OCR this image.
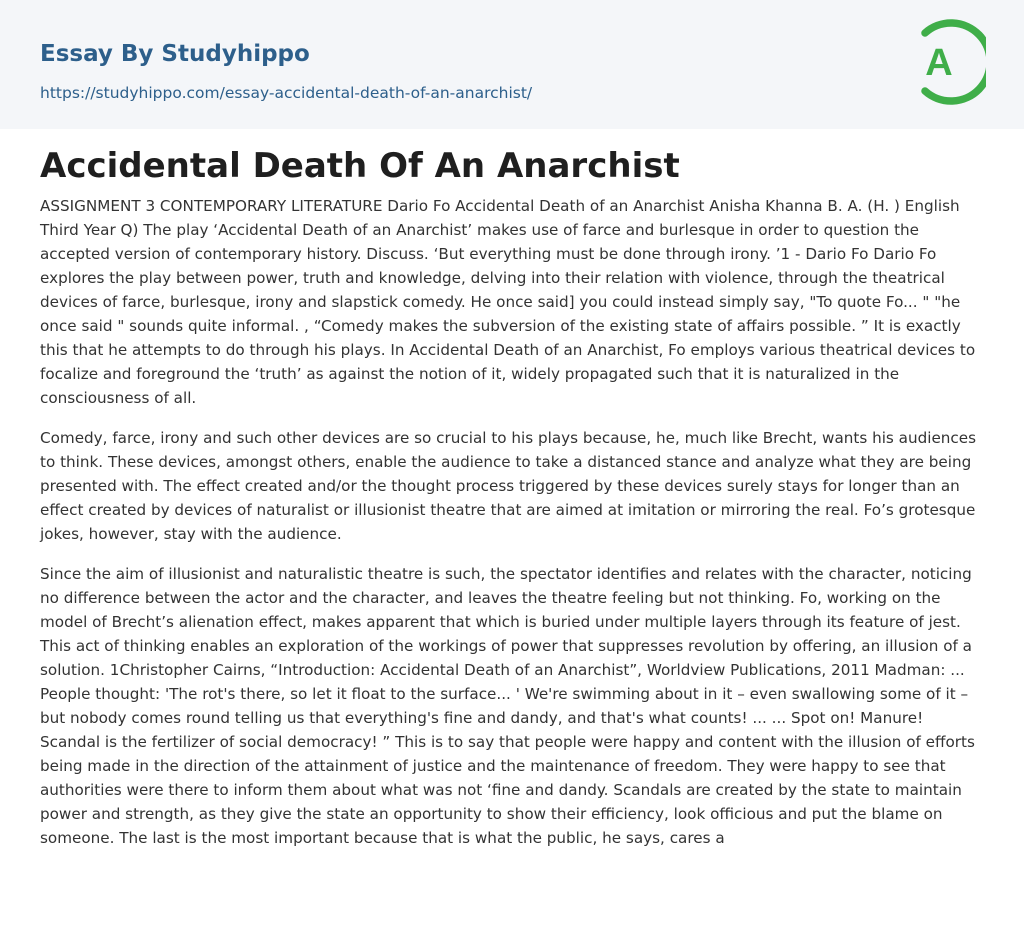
Essay By Studyhippo
https://studyhippo.com/essay-accidental-death-of-an-anarchist/
A
Accidental Death Of An Anarchist

ASSIGNMENT 3 CONTEMPORARY LITERATURE Dario Fo Accidental Death of an Anarchist Anisha Khanna B. A. (H. ) English Third Year Q) The play ‘Accidental Death of an Anarchist’ makes use of farce and burlesque in order to question the accepted version of contemporary history. Discuss. ‘But everything must be done through irony. ’1 - Dario Fo Dario Fo explores the play between power, truth and knowledge, delving into their relation with violence, through the theatrical devices of farce, burlesque, irony and slapstick comedy. He once said] you could instead simply say, "To quote Fo... " "he once said " sounds quite informal. , “Comedy makes the subversion of the existing state of affairs possible. ” It is exactly this that he attempts to do through his plays. In Accidental Death of an Anarchist, Fo employs various theatrical devices to focalize and foreground the ‘truth’ as against the notion of it, widely propagated such that it is naturalized in the consciousness of all.

Comedy, farce, irony and such other devices are so crucial to his plays because, he, much like Brecht, wants his audiences to think. These devices, amongst others, enable the audience to take a distanced stance and analyze what they are being presented with. The effect created and/or the thought process triggered by these devices surely stays for longer than an effect created by devices of naturalist or illusionist theatre that are aimed at imitation or mirroring the real. Fo’s grotesque jokes, however, stay with the audience.

Since the aim of illusionist and naturalistic theatre is such, the spectator identifies and relates with the character, noticing no difference between the actor and the character, and leaves the theatre feeling but not thinking. Fo, working on the model of Brecht’s alienation effect, makes apparent that which is buried under multiple layers through its feature of jest. This act of thinking enables an exploration of the workings of power that suppresses revolution by offering, an illusion of a solution. 1Christopher Cairns, “Introduction: Accidental Death of an Anarchist”, Worldview Publications, 2011 Madman: ... People thought: 'The rot's there, so let it float to the surface... ' We're swimming about in it – even swallowing some of it – but nobody comes round telling us that everything's fine and dandy, and that's what counts! ... ... Spot on! Manure! Scandal is the fertilizer of social democracy! ” This is to say that people were happy and content with the illusion of efforts being made in the direction of the attainment of justice and the maintenance of freedom. They were happy to see that authorities were there to inform them about what was not ‘fine and dandy. Scandals are created by the state to maintain power and strength, as they give the state an opportunity to show their efficiency, look officious and put the blame on someone. The last is the most important because that is what the public, he says, cares a
